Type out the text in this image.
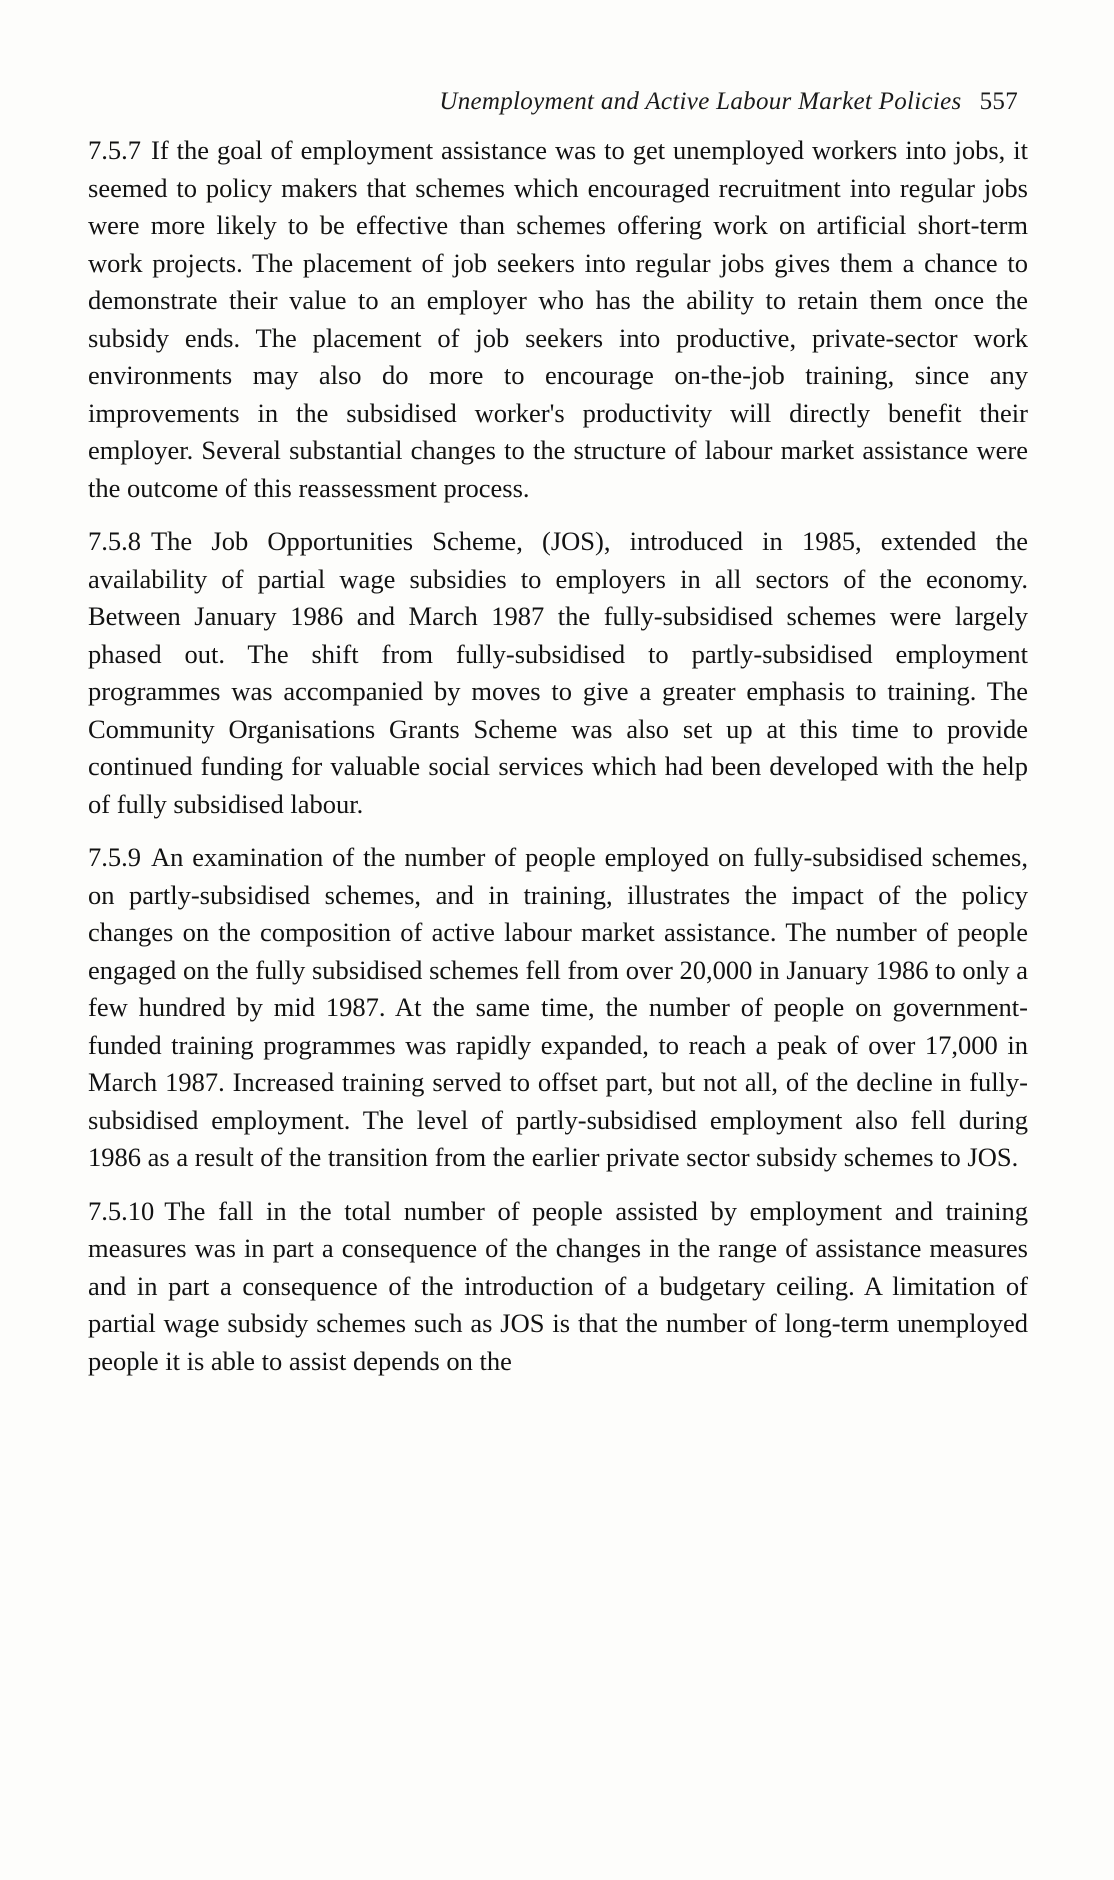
Unemployment and Active Labour Market Policies 557

7.5.7 If the goal of employment assistance was to get unemployed workers into jobs, it seemed to policy makers that schemes which encouraged recruitment into regular jobs were more likely to be effective than schemes offering work on artificial short-term work projects. The placement of job seekers into regular jobs gives them a chance to demonstrate their value to an employer who has the ability to retain them once the subsidy ends. The placement of job seekers into productive, private-sector work environments may also do more to encourage on-the-job training, since any improvements in the subsidised worker's productivity will directly benefit their employer. Several substantial changes to the structure of labour market assistance were the outcome of this reassessment process.

7.5.8 The Job Opportunities Scheme, (JOS), introduced in 1985, extended the availability of partial wage subsidies to employers in all sectors of the economy. Between January 1986 and March 1987 the fully-subsidised schemes were largely phased out. The shift from fully-subsidised to partly-subsidised employment programmes was accompanied by moves to give a greater emphasis to training. The Community Organisations Grants Scheme was also set up at this time to provide continued funding for valuable social services which had been developed with the help of fully subsidised labour.

7.5.9 An examination of the number of people employed on fully-subsidised schemes, on partly-subsidised schemes, and in training, illustrates the impact of the policy changes on the composition of active labour market assistance. The number of people engaged on the fully subsidised schemes fell from over 20,000 in January 1986 to only a few hundred by mid 1987. At the same time, the number of people on government-funded training programmes was rapidly expanded, to reach a peak of over 17,000 in March 1987. Increased training served to offset part, but not all, of the decline in fully-subsidised employment. The level of partly-subsidised employment also fell during 1986 as a result of the transition from the earlier private sector subsidy schemes to JOS.

7.5.10 The fall in the total number of people assisted by employment and training measures was in part a consequence of the changes in the range of assistance measures and in part a consequence of the introduction of a budgetary ceiling. A limitation of partial wage subsidy schemes such as JOS is that the number of long-term unemployed people it is able to assist depends on the
